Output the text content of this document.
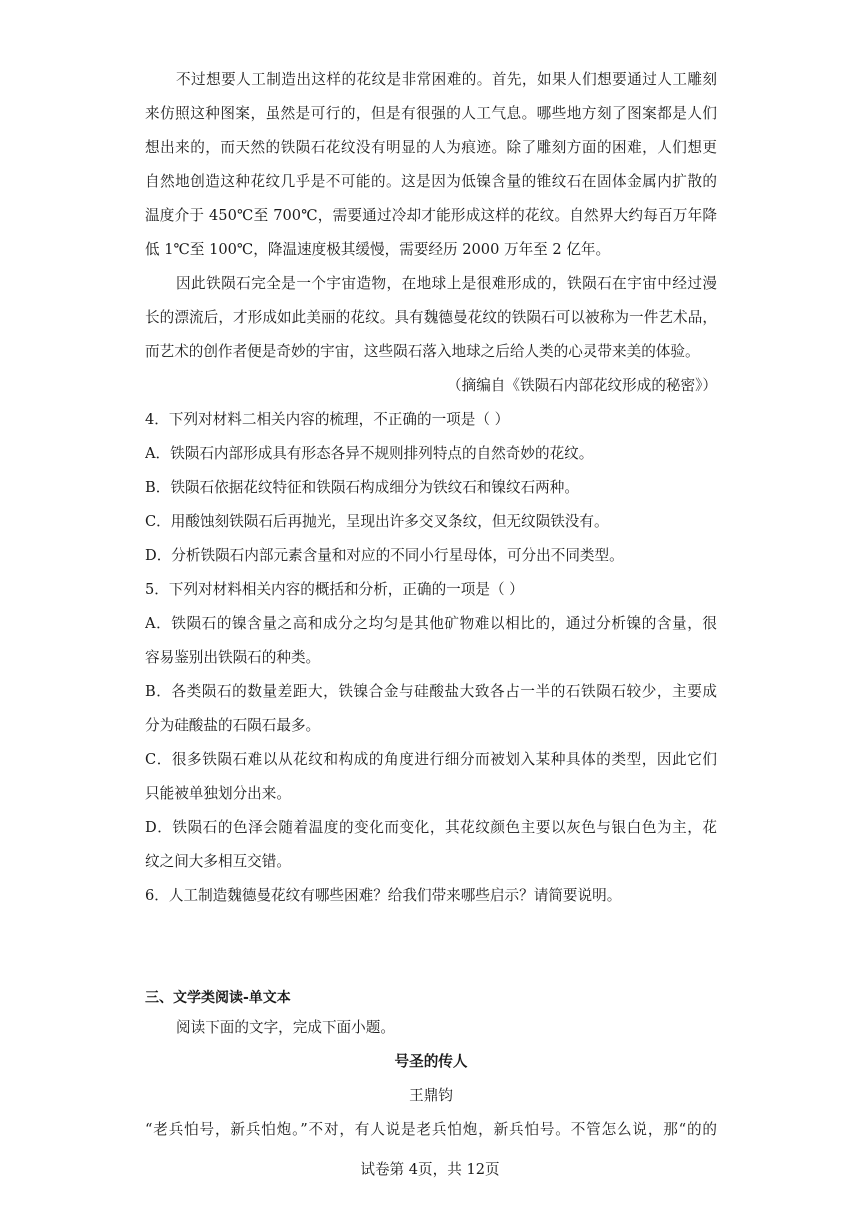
不过想要人工制造出这样的花纹是非常困难的。首先，如果人们想要通过人工雕刻
来仿照这种图案，虽然是可行的，但是有很强的人工气息。哪些地方刻了图案都是人们
想出来的，而天然的铁陨石花纹没有明显的人为痕迹。除了雕刻方面的困难，人们想更
自然地创造这种花纹几乎是不可能的。这是因为低镍含量的锥纹石在固体金属内扩散的
温度介于 450℃至 700℃，需要通过冷却才能形成这样的花纹。自然界大约每百万年降
低 1℃至 100℃，降温速度极其缓慢，需要经历 2000 万年至 2 亿年。
因此铁陨石完全是一个宇宙造物，在地球上是很难形成的，铁陨石在宇宙中经过漫
长的漂流后，才形成如此美丽的花纹。具有魏德曼花纹的铁陨石可以被称为一件艺术品，
而艺术的创作者便是奇妙的宇宙，这些陨石落入地球之后给人类的心灵带来美的体验。
（摘编自《铁陨石内部花纹形成的秘密》）
4．下列对材料二相关内容的梳理，不正确的一项是（ ）
A．铁陨石内部形成具有形态各异不规则排列特点的自然奇妙的花纹。
B．铁陨石依据花纹特征和铁陨石构成细分为铁纹石和镍纹石两种。
C．用酸蚀刻铁陨石后再抛光，呈现出许多交叉条纹，但无纹陨铁没有。
D．分析铁陨石内部元素含量和对应的不同小行星母体，可分出不同类型。
5．下列对材料相关内容的概括和分析，正确的一项是（ ）
A．铁陨石的镍含量之高和成分之均匀是其他矿物难以相比的，通过分析镍的含量，很
容易鉴别出铁陨石的种类。
B．各类陨石的数量差距大，铁镍合金与硅酸盐大致各占一半的石铁陨石较少，主要成
分为硅酸盐的石陨石最多。
C．很多铁陨石难以从花纹和构成的角度进行细分而被划入某种具体的类型，因此它们
只能被单独划分出来。
D．铁陨石的色泽会随着温度的变化而变化，其花纹颜色主要以灰色与银白色为主，花
纹之间大多相互交错。
6．人工制造魏德曼花纹有哪些困难？给我们带来哪些启示？请简要说明。
三、文学类阅读-单文本
阅读下面的文字，完成下面小题。
号圣的传人
王鼎钧
“老兵怕号，新兵怕炮。”不对，有人说是老兵怕炮，新兵怕号。不管怎么说，那“的的
试卷第 4页，共 12页
